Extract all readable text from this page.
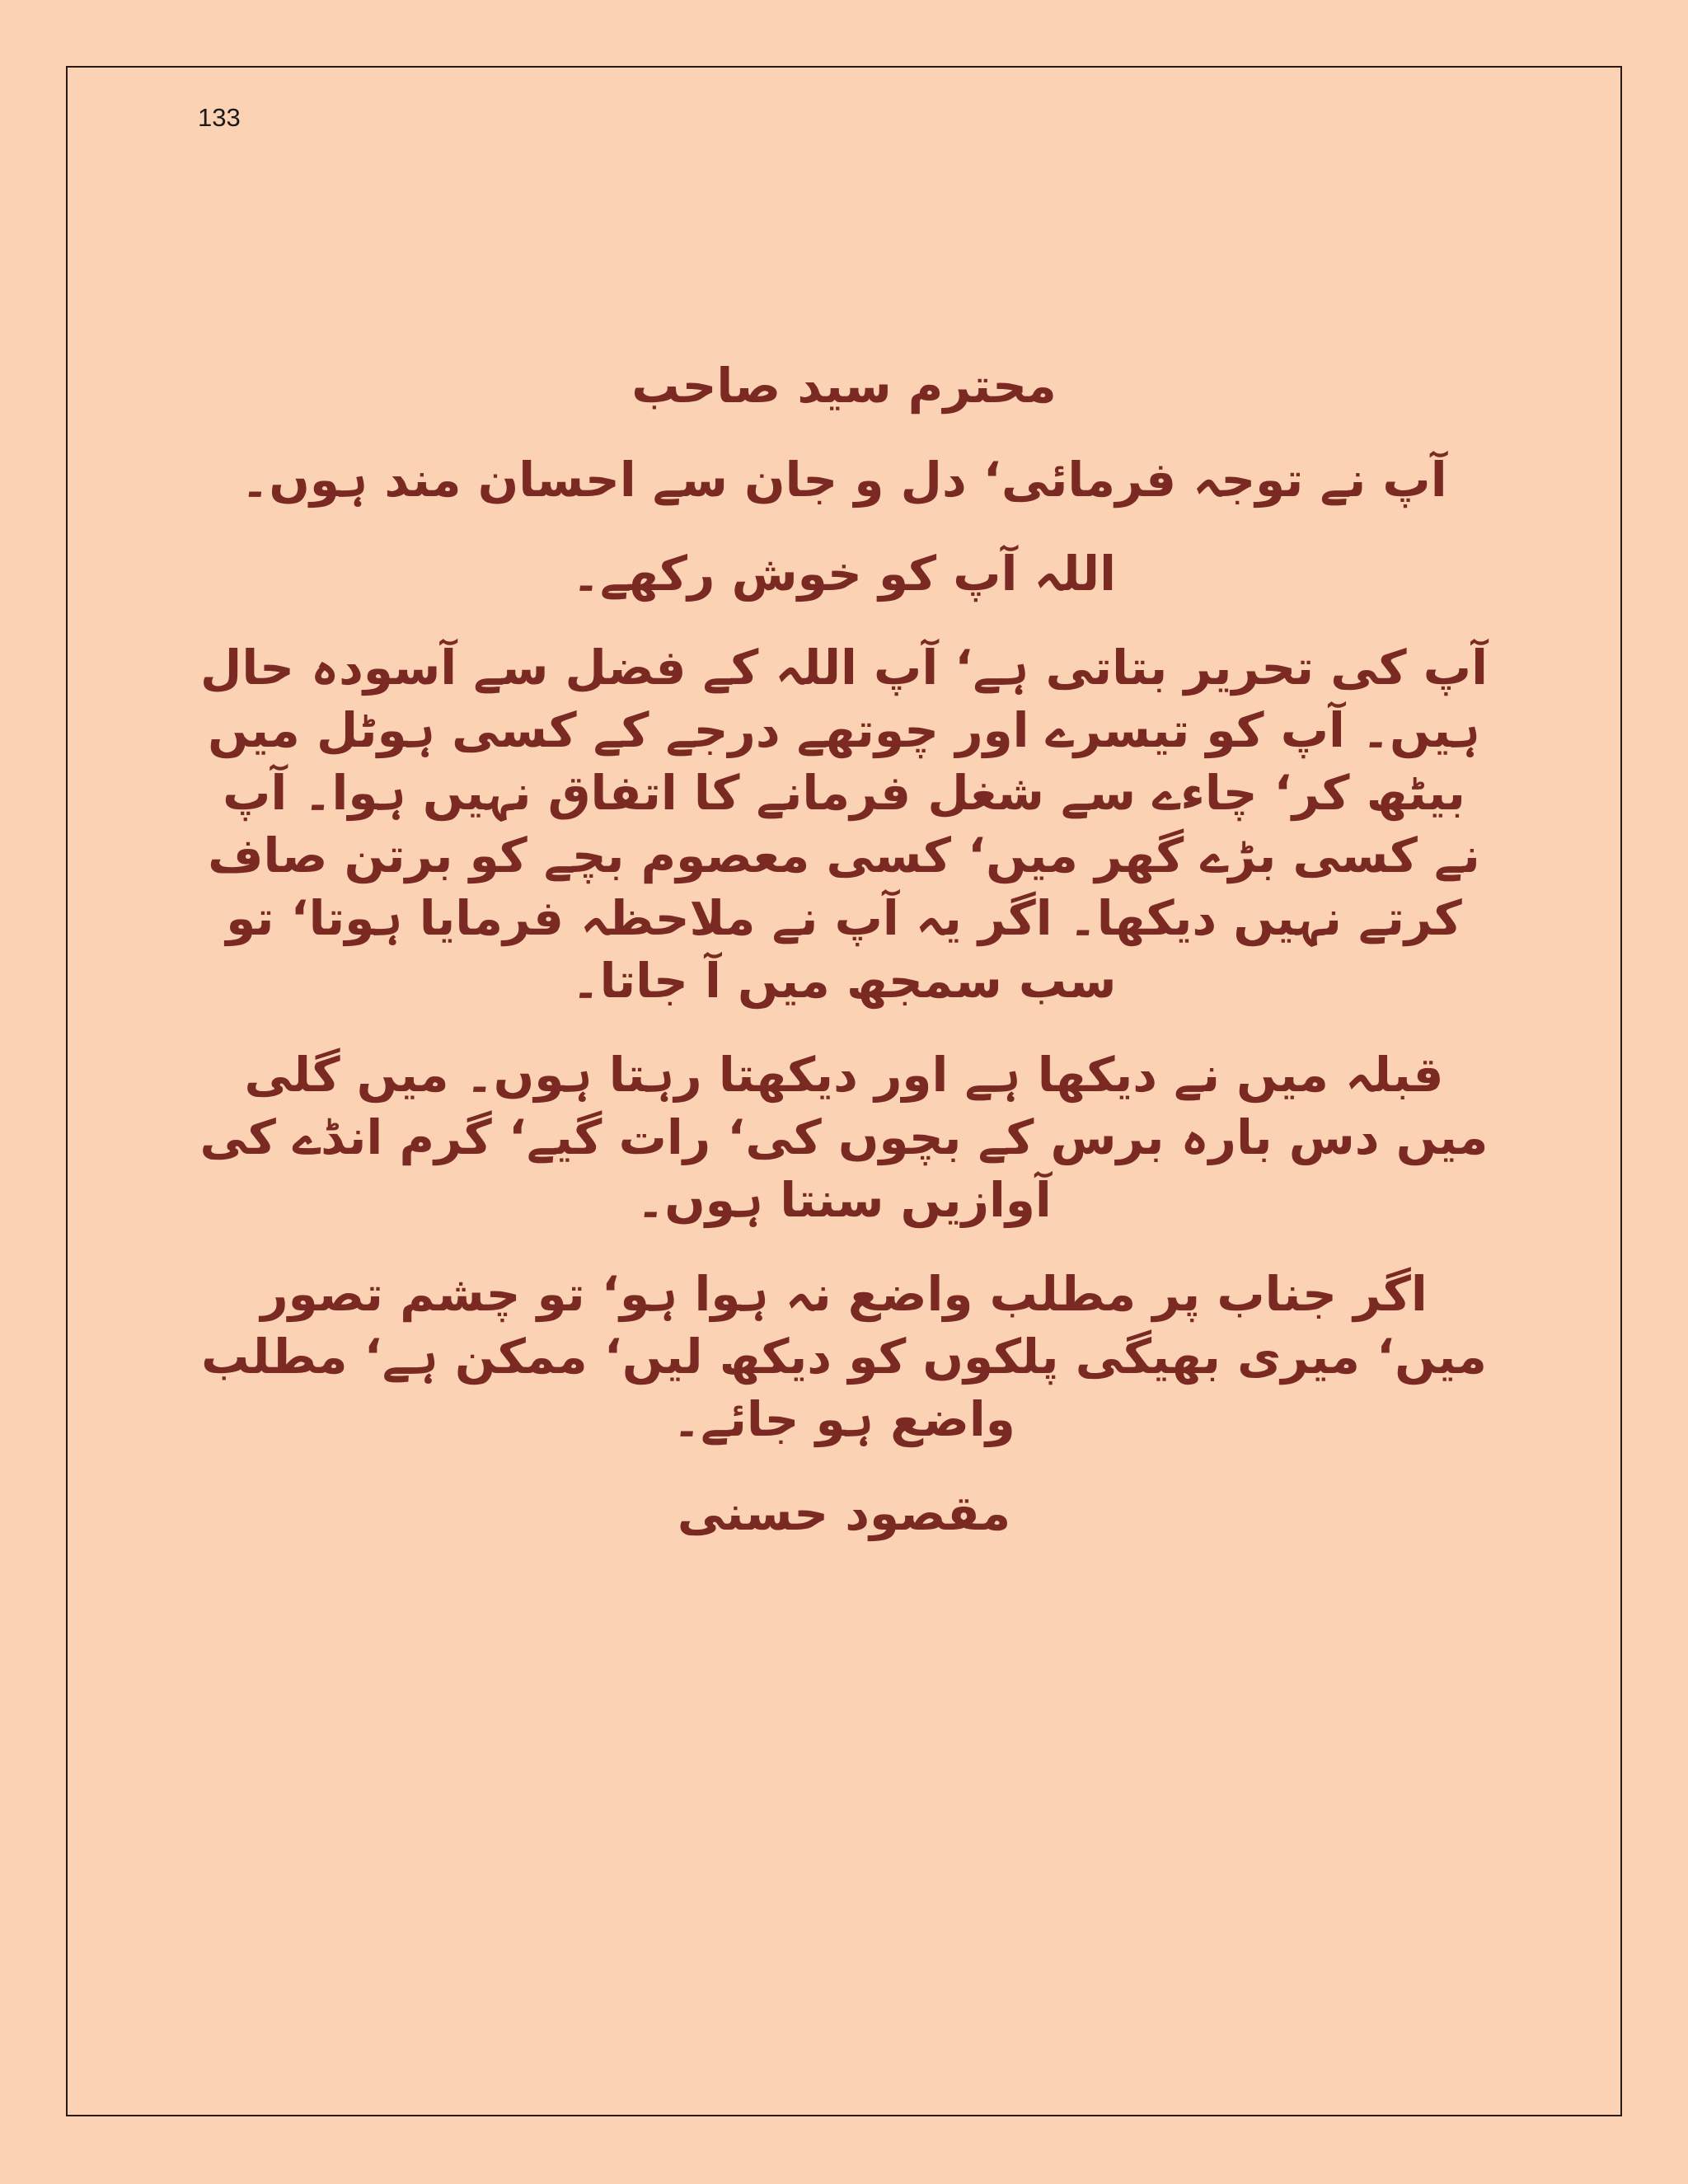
133

محترم سید صاحب

آپ نے توجہ فرمائی‘ دل و جان سے احسان مند ہوں۔

اللہ آپ کو خوش رکھے۔

آپ کی تحریر بتاتی ہے‘ آپ اللہ کے فضل سے آسودہ حال ہیں۔ آپ کو تیسرے اور چوتھے درجے کے کسی ہوٹل میں بیٹھ کر‘ چاءے سے شغل فرمانے کا اتفاق نہیں ہوا۔ آپ نے کسی بڑے گھر میں‘ کسی معصوم بچے کو برتن صاف کرتے نہیں دیکھا۔ اگر یہ آپ نے ملاحظہ فرمایا ہوتا‘ تو سب سمجھ میں آ جاتا۔

قبلہ میں نے دیکھا ہے اور دیکھتا رہتا ہوں۔ میں گلی میں دس بارہ برس کے بچوں کی‘ رات گیے‘ گرم انڈے کی آوازیں سنتا ہوں۔

اگر جناب پر مطلب واضع نہ ہوا ہو‘ تو چشم تصور میں‘ میری بھیگی پلکوں کو دیکھ لیں‘ ممکن ہے‘ مطلب واضع ہو جائے۔

مقصود حسنی
